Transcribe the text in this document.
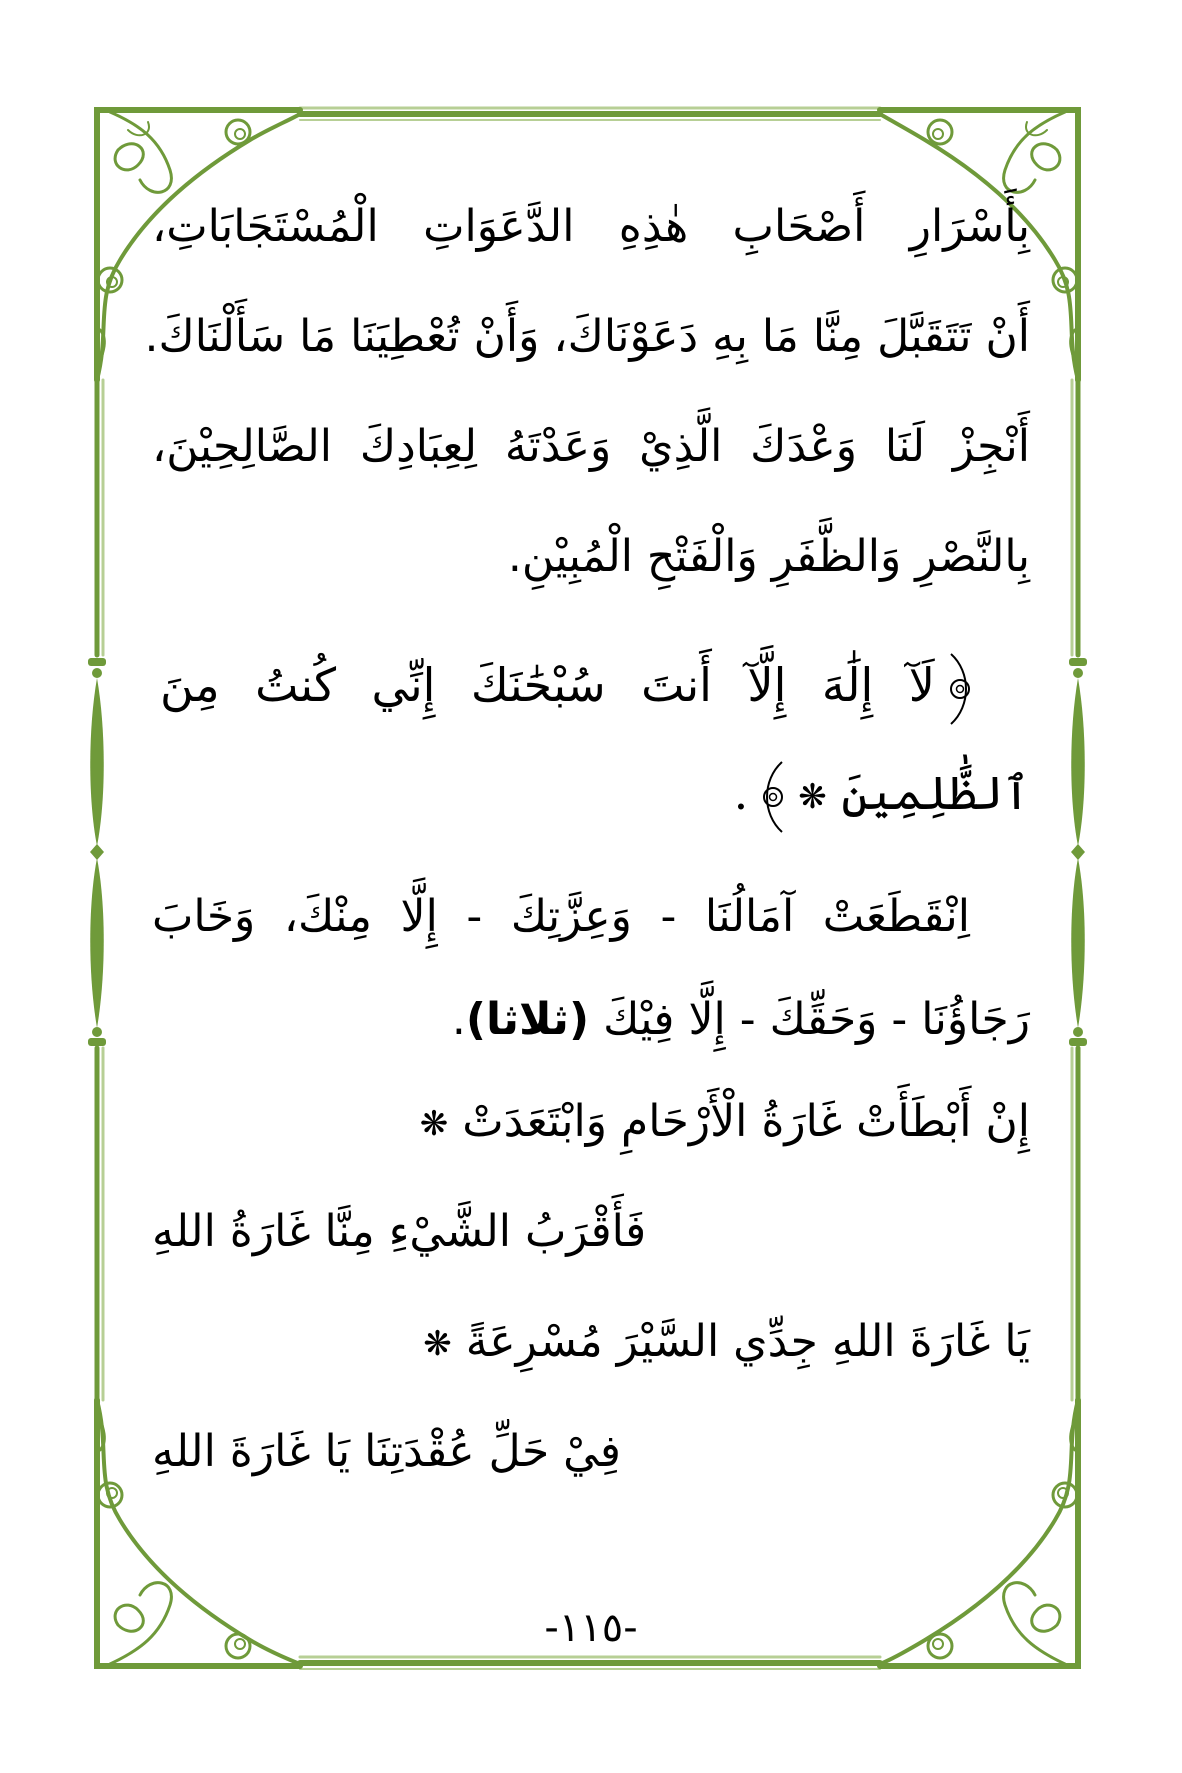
بِأَسْرَارِ أَصْحَابِ هٰذِهِ الدَّعَوَاتِ الْمُسْتَجَابَاتِ،
أَنْ تَتَقَبَّلَ مِنَّا مَا بِهِ دَعَوْنَاكَ، وَأَنْ تُعْطِيَنَا مَا سَأَلْنَاكَ.
أَنْجِزْ لَنَا وَعْدَكَ الَّذِيْ وَعَدْتَهُ لِعِبَادِكَ الصَّالِحِيْنَ،
بِالنَّصْرِ وَالظَّفَرِ وَالْفَتْحِ الْمُبِيْنِ.
لَآ إِلَٰهَ إِلَّآ أَنتَ سُبْحَٰنَكَ إِنِّي كُنتُ مِنَ
ٱلظَّٰلِمِينَ ❋.
اِنْقَطَعَتْ آمَالُنَا - وَعِزَّتِكَ - إِلَّا مِنْكَ، وَخَابَ
رَجَاؤُنَا - وَحَقِّكَ - إِلَّا فِيْكَ (ثلاثا).
إِنْ أَبْطَأَتْ غَارَةُ الْأَرْحَامِ وَابْتَعَدَتْ ❋
فَأَقْرَبُ الشَّيْءِ مِنَّا غَارَةُ اللهِ
يَا غَارَةَ اللهِ جِدِّي السَّيْرَ مُسْرِعَةً ❋
فِيْ حَلِّ عُقْدَتِنَا يَا غَارَةَ اللهِ
-١١٥-
